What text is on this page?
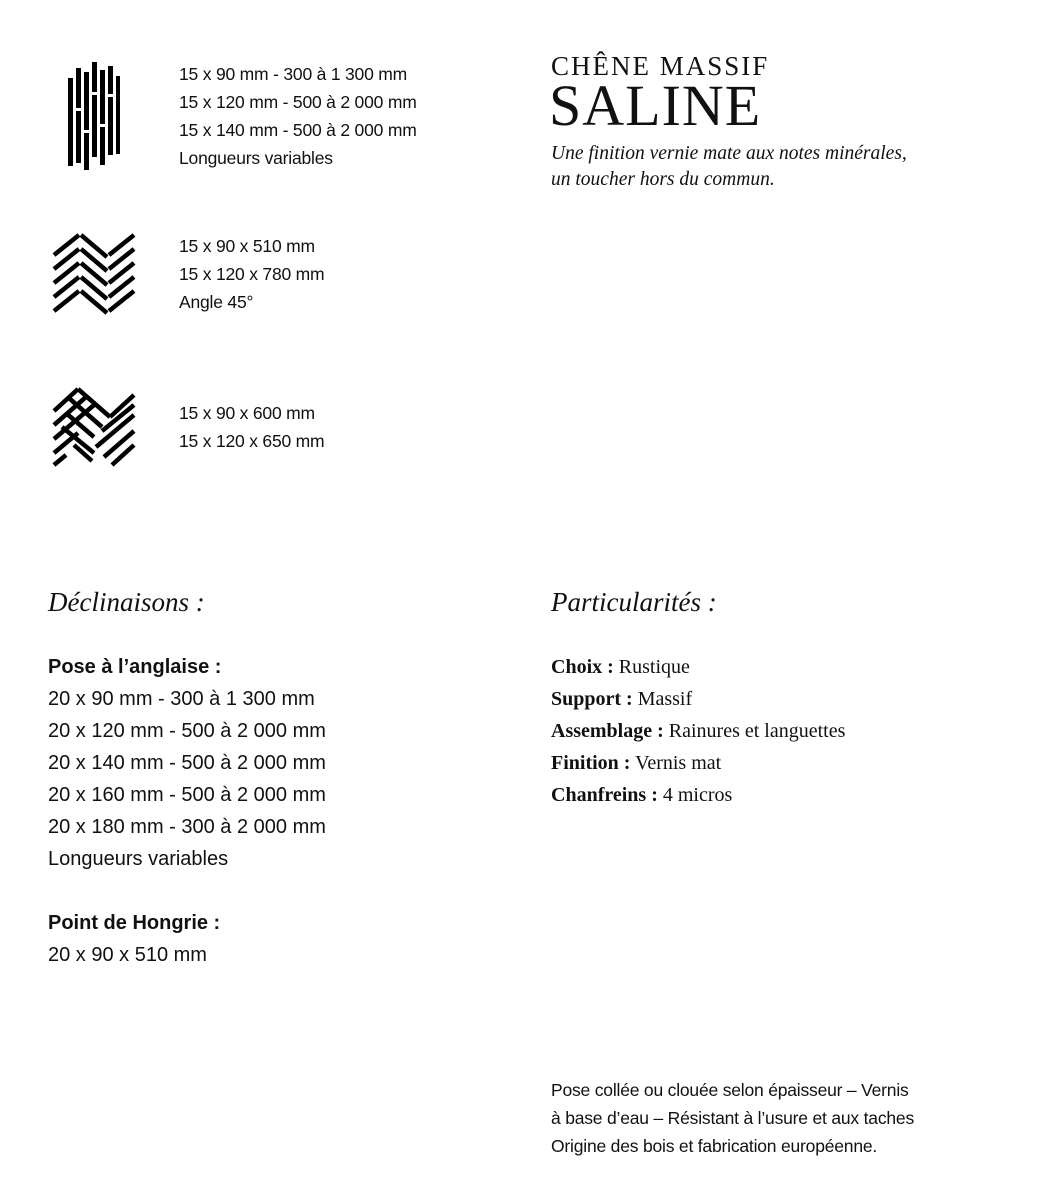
15 x 90 mm - 300 à 1 300 mm
15 x 120 mm - 500 à 2 000 mm
15 x 140 mm - 500 à 2 000 mm
Longueurs variables
15 x 90 x 510 mm
15 x 120 x 780 mm
Angle 45°
15 x 90 x 600 mm
15 x 120 x 650 mm
CHÊNE MASSIF
SALINE
Une finition vernie mate aux notes minérales,
un toucher hors du commun.
Déclinaisons :
Pose à l’anglaise :
20 x 90 mm - 300 à 1 300 mm
20 x 120 mm - 500 à 2 000 mm
20 x 140 mm - 500 à 2 000 mm
20 x 160 mm - 500 à 2 000 mm
20 x 180 mm - 300 à 2 000 mm
Longueurs variables
Point de Hongrie :
20 x 90 x 510 mm
Particularités :
Choix : Rustique
Support : Massif
Assemblage : Rainures et languettes
Finition : Vernis mat
Chanfreins : 4 micros
Pose collée ou clouée selon épaisseur – Vernis
à base d’eau – Résistant à l’usure et aux taches
Origine des bois et fabrication européenne.
